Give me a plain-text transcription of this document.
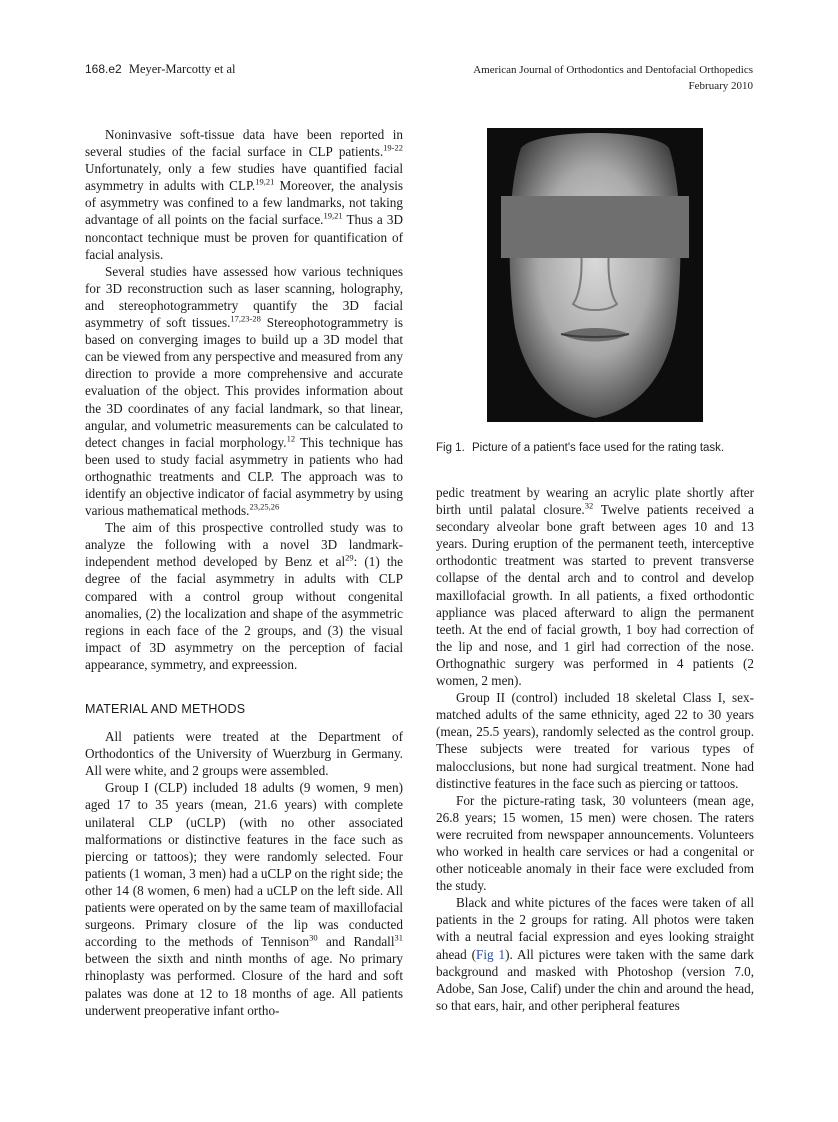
168.e2 Meyer-Marcotty et al	American Journal of Orthodontics and Dentofacial Orthopedics
February 2010

Noninvasive soft-tissue data have been reported in several studies of the facial surface in CLP patients.$^{19-22}$ Unfortunately, only a few studies have quantified facial asymmetry in adults with CLP.$^{19,21}$ Moreover, the analysis of asymmetry was confined to a few landmarks, not taking advantage of all points on the facial surface.$^{19,21}$ Thus a 3D noncontact technique must be proven for quantification of facial analysis.

Several studies have assessed how various techniques for 3D reconstruction such as laser scanning, holography, and stereophotogrammetry quantify the 3D facial asymmetry of soft tissues.$^{17,23-28}$ Stereophotogrammetry is based on converging images to build up a 3D model that can be viewed from any perspective and measured from any direction to provide a more comprehensive and accurate evaluation of the object. This provides information about the 3D coordinates of any facial landmark, so that linear, angular, and volumetric measurements can be calculated to detect changes in facial morphology.$^{12}$ This technique has been used to study facial asymmetry in patients who had orthognathic treatments and CLP. The approach was to identify an objective indicator of facial asymmetry by using various mathematical methods.$^{23,25,26}$

The aim of this prospective controlled study was to analyze the following with a novel 3D landmark-independent method developed by Benz et $al^{29}$: (1) the degree of the facial asymmetry in adults with CLP compared with a control group without congenital anomalies, (2) the localization and shape of the asymmetric regions in each face of the 2 groups, and (3) the visual impact of 3D asymmetry on the perception of facial appearance, symmetry, and expreession.

MATERIAL AND METHODS

All patients were treated at the Department of Orthodontics of the University of Wuerzburg in Germany. All were white, and 2 groups were assembled.

Group I (CLP) included 18 adults (9 women, 9 men) aged 17 to 35 years (mean, 21.6 years) with complete unilateral CLP (uCLP) (with no other associated malformations or distinctive features in the face such as piercing or tattoos); they were randomly selected. Four patients (1 woman, 3 men) had a uCLP on the right side; the other 14 (8 women, 6 men) had a uCLP on the left side. All patients were operated on by the same team of maxillofacial surgeons. Primary closure of the lip was conducted according to the methods of Tennison$^{30}$ and Randall$^{31}$ between the sixth and ninth months of age. No primary rhinoplasty was performed. Closure of the hard and soft palates was done at 12 to 18 months of age. All patients underwent preoperative infant ortho-

Fig 1. Picture of a patient's face used for the rating task.

pedic treatment by wearing an acrylic plate shortly after birth until palatal closure.$^{32}$ Twelve patients received a secondary alveolar bone graft between ages 10 and 13 years. During eruption of the permanent teeth, interceptive orthodontic treatment was started to prevent transverse collapse of the dental arch and to control and develop maxillofacial growth. In all patients, a fixed orthodontic appliance was placed afterward to align the permanent teeth. At the end of facial growth, 1 boy had correction of the lip and nose, and 1 girl had correction of the nose. Orthognathic surgery was performed in 4 patients (2 women, 2 men).

Group II (control) included 18 skeletal Class I, sex-matched adults of the same ethnicity, aged 22 to 30 years (mean, 25.5 years), randomly selected as the control group. These subjects were treated for various types of malocclusions, but none had surgical treatment. None had distinctive features in the face such as piercing or tattoos.

For the picture-rating task, 30 volunteers (mean age, 26.8 years; 15 women, 15 men) were chosen. The raters were recruited from newspaper announcements. Volunteers who worked in health care services or had a congenital or other noticeable anomaly in their face were excluded from the study.

Black and white pictures of the faces were taken of all patients in the 2 groups for rating. All photos were taken with a neutral facial expression and eyes looking straight ahead (Fig 1). All pictures were taken with the same dark background and masked with Photoshop (version 7.0, Adobe, San Jose, Calif) under the chin and around the head, so that ears, hair, and other peripheral features
